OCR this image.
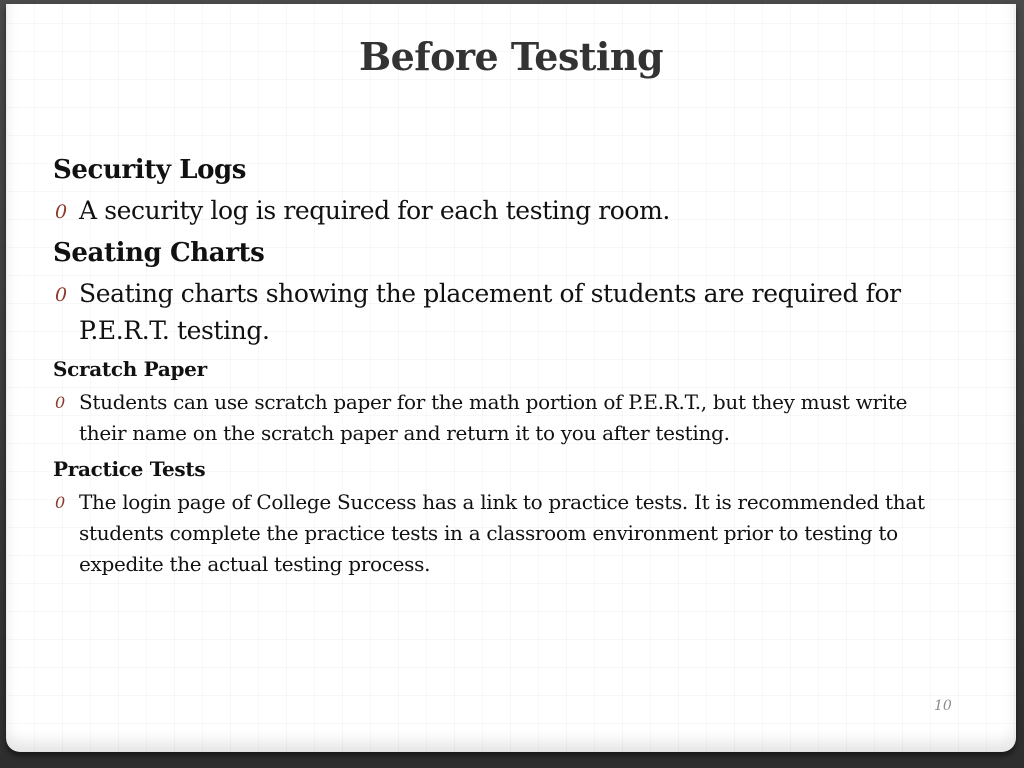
Before Testing
Security Logs
0 A security log is required for each testing room.
Seating Charts
0 Seating charts showing the placement of students are required for P.E.R.T. testing.
Scratch Paper
0 Students can use scratch paper for the math portion of P.E.R.T., but they must write their name on the scratch paper and return it to you after testing.
Practice Tests
0 The login page of College Success has a link to practice tests. It is recommended that students complete the practice tests in a classroom environment prior to testing to expedite the actual testing process.
10
